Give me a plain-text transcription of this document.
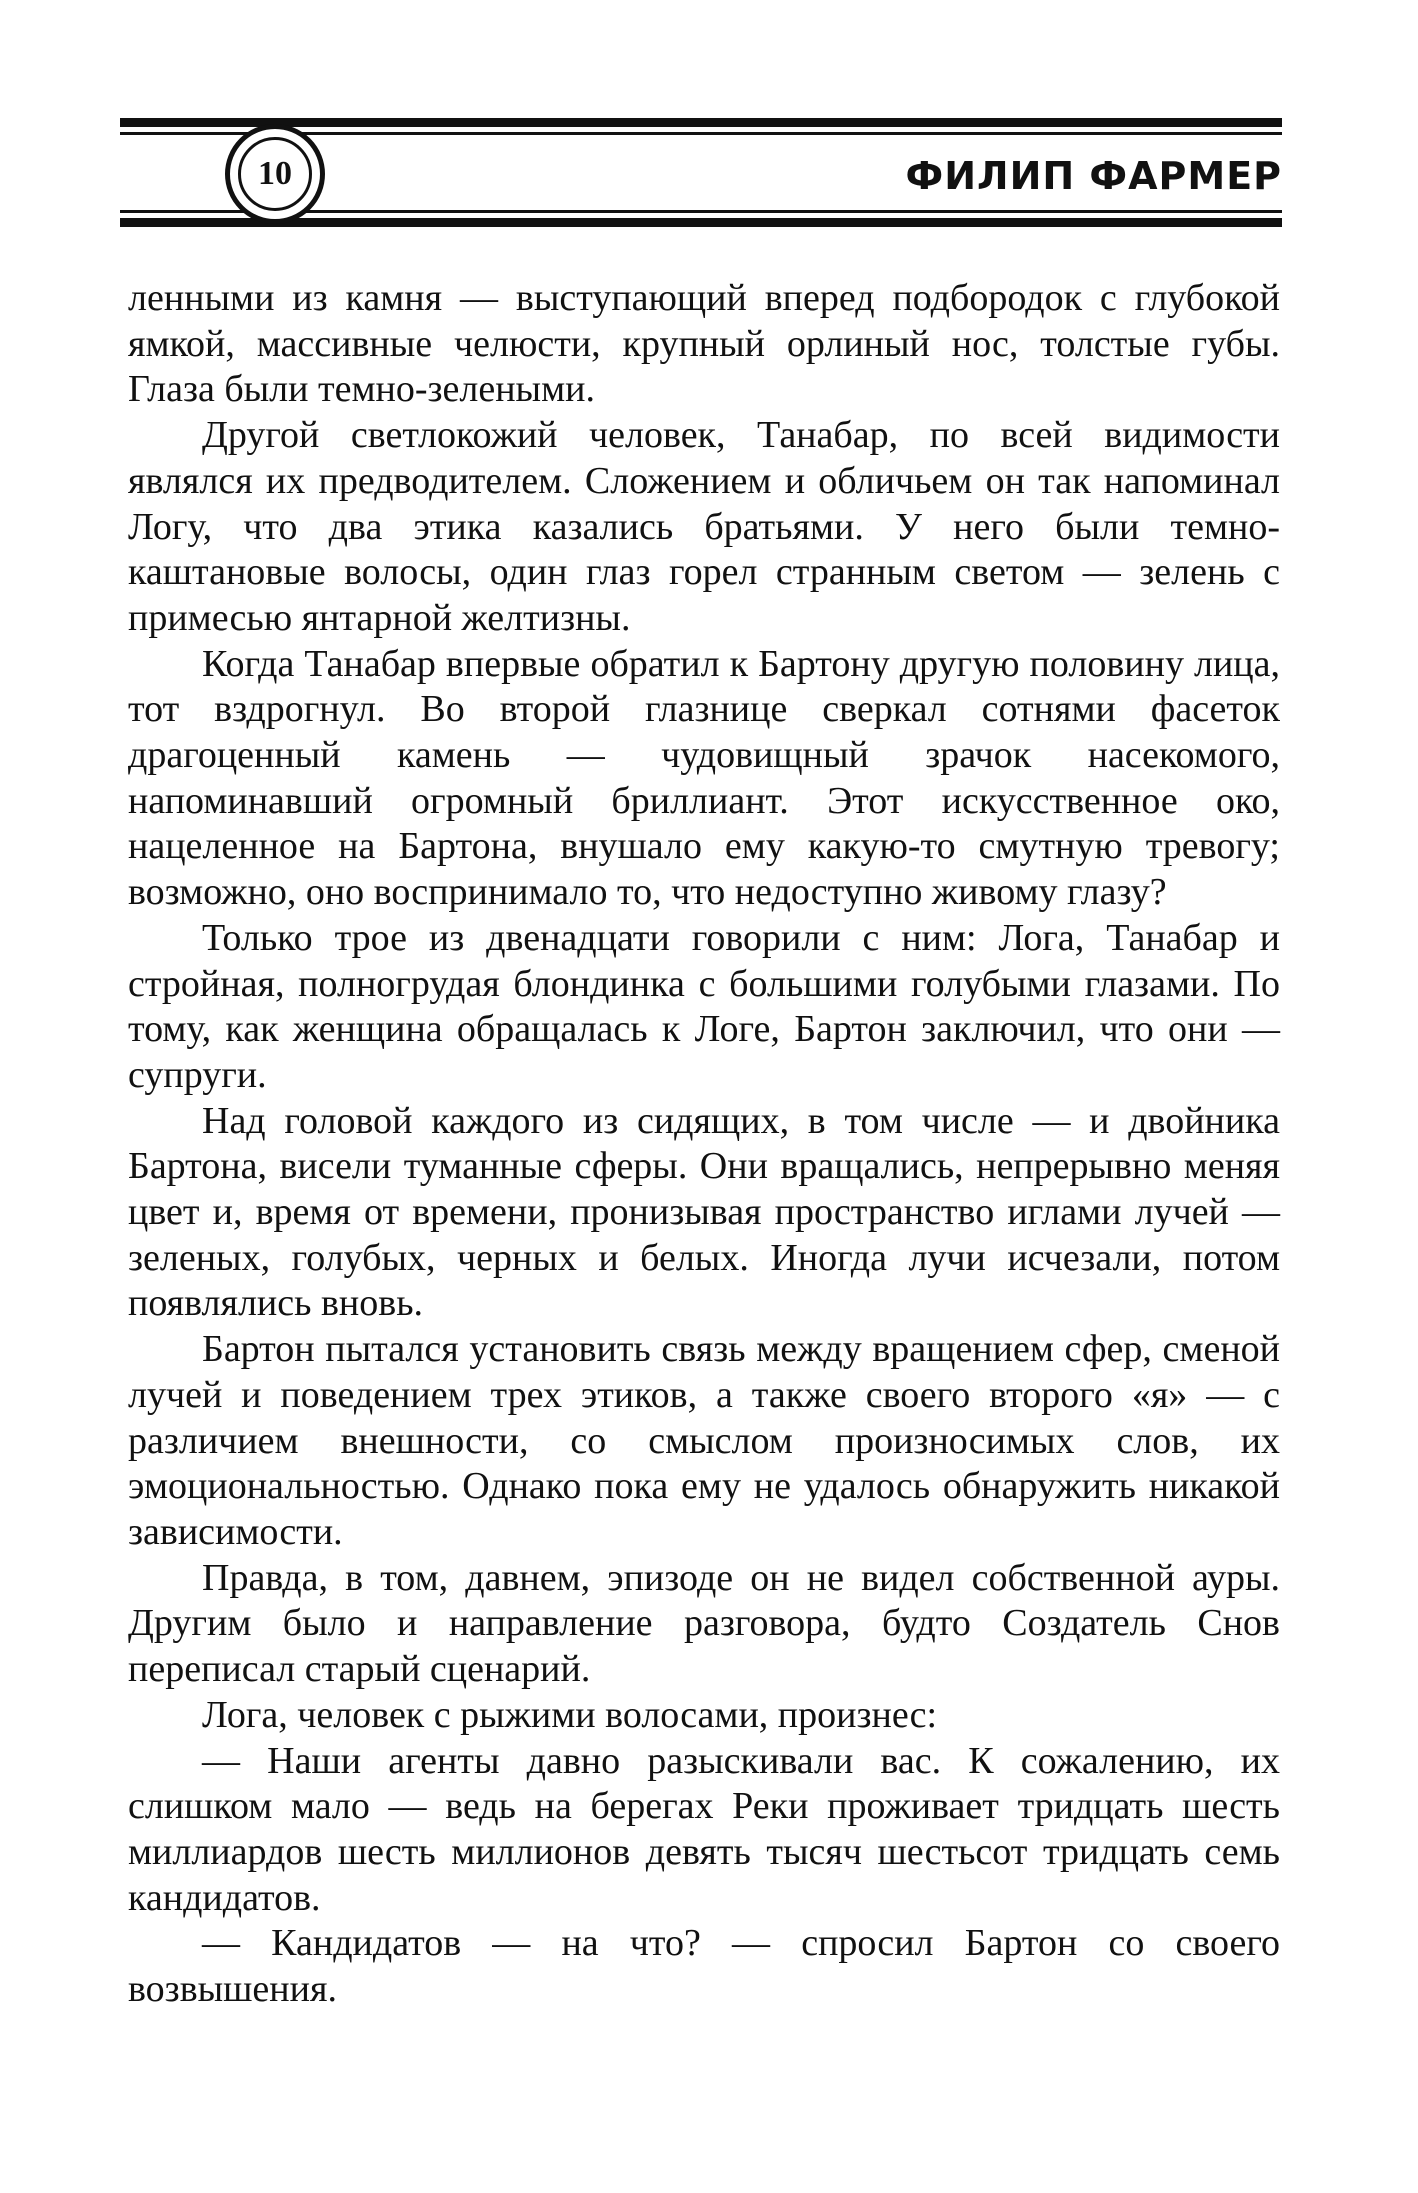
10	ФИЛИП ФАРМЕР

ленными из камня — выступающий вперед подбородок с глубокой ямкой, массивные челюсти, крупный орлиный нос, толстые губы. Глаза были темно-зелеными.

Другой светлокожий человек, Танабар, по всей видимости являлся их предводителем. Сложением и обличьем он так напоминал Логу, что два этика казались братьями. У него были темно-каштановые волосы, один глаз горел странным светом — зелень с примесью янтарной желтизны.

Когда Танабар впервые обратил к Бартону другую половину лица, тот вздрогнул. Во второй глазнице сверкал сотнями фасеток драгоценный камень — чудовищный зрачок насекомого, напоминавший огромный бриллиант. Этот искусственное око, нацеленное на Бартона, внушало ему какую-то смутную тревогу; возможно, оно воспринимало то, что недоступно живому глазу?

Только трое из двенадцати говорили с ним: Лога, Танабар и стройная, полногрудая блондинка с большими голубыми глазами. По тому, как женщина обращалась к Логе, Бартон заключил, что они — супруги.

Над головой каждого из сидящих, в том числе — и двойника Бартона, висели туманные сферы. Они вращались, непрерывно меняя цвет и, время от времени, пронизывая пространство иглами лучей — зеленых, голубых, черных и белых. Иногда лучи исчезали, потом появлялись вновь.

Бартон пытался установить связь между вращением сфер, сменой лучей и поведением трех этиков, а также своего второго «я» — с различием внешности, со смыслом произносимых слов, их эмоциональностью. Однако пока ему не удалось обнаружить никакой зависимости.

Правда, в том, давнем, эпизоде он не видел собственной ауры. Другим было и направление разговора, будто Создатель Снов переписал старый сценарий.

Лога, человек с рыжими волосами, произнес:

— Наши агенты давно разыскивали вас. К сожалению, их слишком мало — ведь на берегах Реки проживает тридцать шесть миллиардов шесть миллионов девять тысяч шестьсот тридцать семь кандидатов.

— Кандидатов — на что? — спросил Бартон со своего возвышения.
